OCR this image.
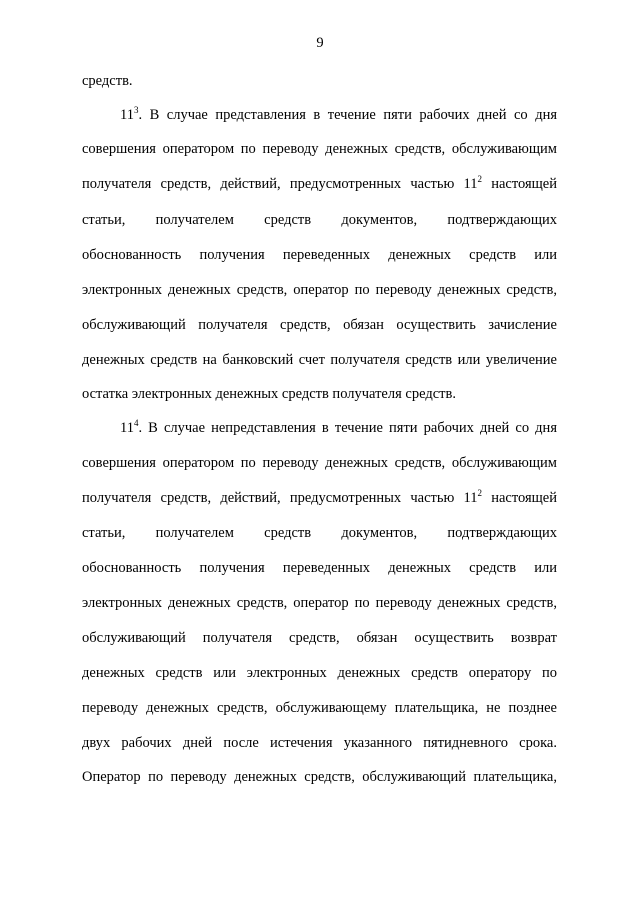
9
средств.
$11^3$. В случае представления в течение пяти рабочих дней со дня
совершения оператором по переводу денежных средств, обслуживающим
получателя средств, действий, предусмотренных частью $11^2$ настоящей
статьи, получателем средств документов, подтверждающих
обоснованность получения переведенных денежных средств или
электронных денежных средств, оператор по переводу денежных средств,
обслуживающий получателя средств, обязан осуществить зачисление
денежных средств на банковский счет получателя средств или увеличение
остатка электронных денежных средств получателя средств.
$11^4$. В случае непредставления в течение пяти рабочих дней со дня
совершения оператором по переводу денежных средств, обслуживающим
получателя средств, действий, предусмотренных частью $11^2$ настоящей
статьи, получателем средств документов, подтверждающих
обоснованность получения переведенных денежных средств или
электронных денежных средств, оператор по переводу денежных средств,
обслуживающий получателя средств, обязан осуществить возврат
денежных средств или электронных денежных средств оператору по
переводу денежных средств, обслуживающему плательщика, не позднее
двух рабочих дней после истечения указанного пятидневного срока.
Оператор по переводу денежных средств, обслуживающий плательщика,
